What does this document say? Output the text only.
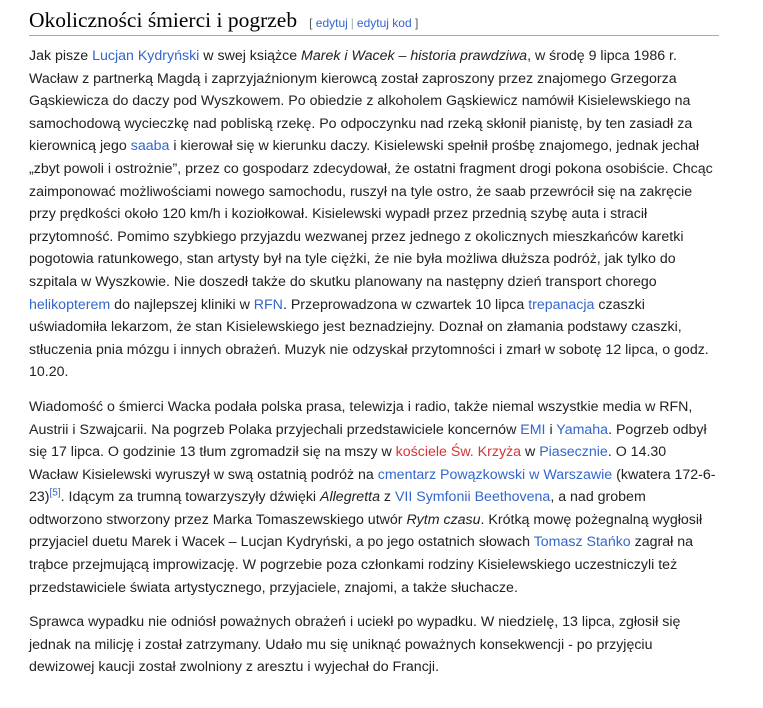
Okoliczności śmierci i pogrzeb [ edytuj | edytuj kod ]

Jak pisze Lucjan Kydryński w swej książce Marek i Wacek – historia prawdziwa, w środę 9 lipca 1986 r. Wacław z partnerką Magdą i zaprzyjaźnionym kierowcą został zaproszony przez znajomego Grzegorza Gąskiewicza do daczy pod Wyszkowem. Po obiedzie z alkoholem Gąskiewicz namówił Kisielewskiego na samochodową wycieczkę nad pobliską rzekę. Po odpoczynku nad rzeką skłonił pianistę, by ten zasiadł za kierownicą jego saaba i kierował się w kierunku daczy. Kisielewski spełnił prośbę znajomego, jednak jechał „zbyt powoli i ostrożnie”, przez co gospodarz zdecydował, że ostatni fragment drogi pokona osobiście. Chcąc zaimponować możliwościami nowego samochodu, ruszył na tyle ostro, że saab przewrócił się na zakręcie przy prędkości około 120 km/h i koziołkował. Kisielewski wypadł przez przednią szybę auta i stracił przytomność. Pomimo szybkiego przyjazdu wezwanej przez jednego z okolicznych mieszkańców karetki pogotowia ratunkowego, stan artysty był na tyle ciężki, że nie była możliwa dłuższa podróż, jak tylko do szpitala w Wyszkowie. Nie doszedł także do skutku planowany na następny dzień transport chorego helikopterem do najlepszej kliniki w RFN. Przeprowadzona w czwartek 10 lipca trepanacja czaszki uświadomiła lekarzom, że stan Kisielewskiego jest beznadziejny. Doznał on złamania podstawy czaszki, stłuczenia pnia mózgu i innych obrażeń. Muzyk nie odzyskał przytomności i zmarł w sobotę 12 lipca, o godz. 10.20.

Wiadomość o śmierci Wacka podała polska prasa, telewizja i radio, także niemal wszystkie media w RFN, Austrii i Szwajcarii. Na pogrzeb Polaka przyjechali przedstawiciele koncernów EMI i Yamaha. Pogrzeb odbył się 17 lipca. O godzinie 13 tłum zgromadził się na mszy w kościele Św. Krzyża w Piasecznie. O 14.30 Wacław Kisielewski wyruszył w swą ostatnią podróż na cmentarz Powązkowski w Warszawie (kwatera 172-6-23)[5]. Idącym za trumną towarzyszyły dźwięki Allegretta z VII Symfonii Beethovena, a nad grobem odtworzono stworzony przez Marka Tomaszewskiego utwór Rytm czasu. Krótką mowę pożegnalną wygłosił przyjaciel duetu Marek i Wacek – Lucjan Kydryński, a po jego ostatnich słowach Tomasz Stańko zagrał na trąbce przejmującą improwizację. W pogrzebie poza członkami rodziny Kisielewskiego uczestniczyli też przedstawiciele świata artystycznego, przyjaciele, znajomi, a także słuchacze.

Sprawca wypadku nie odniósł poważnych obrażeń i uciekł po wypadku. W niedzielę, 13 lipca, zgłosił się jednak na milicję i został zatrzymany. Udało mu się uniknąć poważnych konsekwencji - po przyjęciu dewizowej kaucji został zwolniony z aresztu i wyjechał do Francji.
